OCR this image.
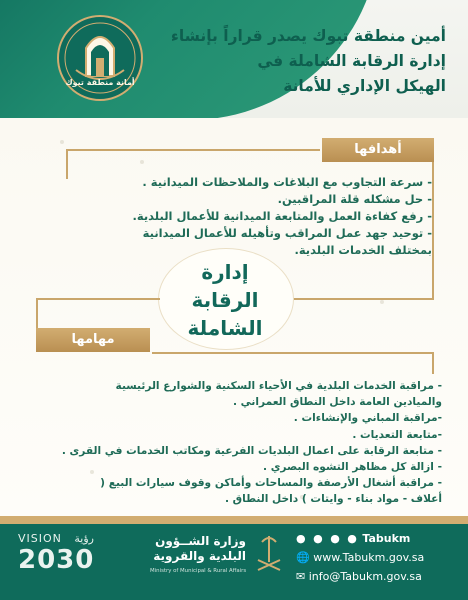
أمانة منطقة تبوك
أمين منطقة تبوك يصدر قراراً بإنشاء
إدارة الرقابة الشاملة في
الهيكل الإداري للأمانة
أهدافها
- سرعة التجاوب مع البلاغات والملاحظات الميدانية .
- حل مشكله قلة المراقبين.
- رفع كفاءة العمل والمتابعة الميدانية للأعمال البلدية.
- توحيد جهد عمل المراقب وتأهيله للأعمال الميدانية
بمختلف الخدمات البلدية.
إدارة
الرقابة
الشاملة
مهامها
- مراقبة الخدمات البلدية في الأحياء السكنية والشوارع الرئيسية
والميادين العامة داخل النطاق العمراني .
-مراقبة المباني والإنشاءات .
-متابعة التعديات .
- متابعة الرقابة على اعمال البلديات الفرعية ومكاتب الخدمات في القرى .
- ازالة كل مظاهر التشوه البصري .
- مراقبة أشغال الأرصفة والمساحات وأماكن وقوف سيارات البيع (
أعلاف - مواد بناء - وايتات ) داخل النطاق .
● ● ● ● Tabukm
🌐 www.Tabukm.gov.sa
✉ info@Tabukm.gov.sa
وزارة الشــؤون
البلدية والقروية
Ministry of Municipal & Rural Affairs
VISION رؤية
2030
